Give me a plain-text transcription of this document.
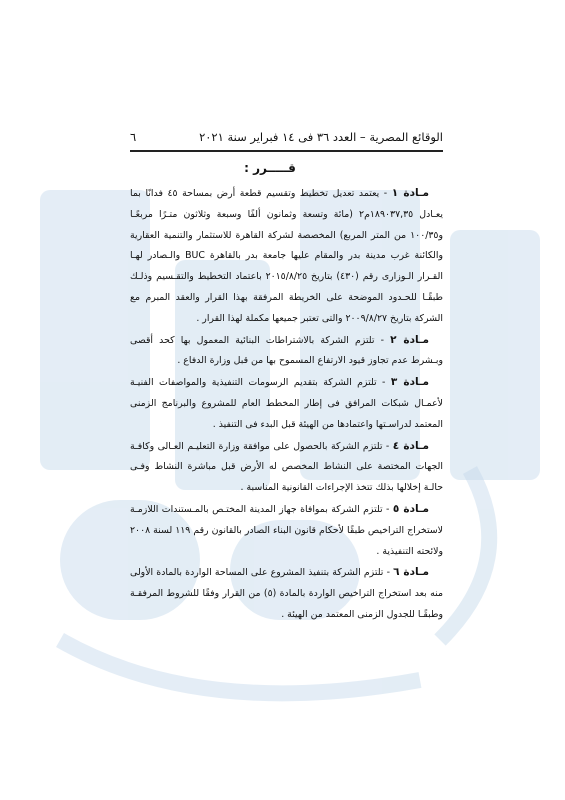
الوقائع المصرية – العدد ٣٦ فى ١٤ فبراير سنة ٢٠٢١
٦
قـــــرر :

مـادة ١ - يعتمد تعديل تخطيط وتقسيم قطعة أرض بمساحة ٤٥ فدانًا بما يعـادل ١٨٩٠٣٧,٣٥م٢ (مائة وتسعة وثمانون ألفًا وسبعة وثلاثون متـرًا مربعًـا و١٠٠/٣٥ من المتر المربع) المخصصة لشركة القاهرة للاستثمار والتنمية العقارية والكائنة غرب مدينة بدر والمقام عليها جامعة بدر بالقاهرة BUC والـصادر لهـا القـرار الـوزارى رقم (٤٣٠) بتاريخ ٢٠١٥/٨/٢٥ باعتماد التخطيط والتقـسيم وذلـك طبقًـا للحـدود الموضحة على الخريطة المرفقة بهذا القرار والعقد المبرم مع الشركة بتاريخ ٢٠٠٩/٨/٢٧ والتى تعتبر جميعها مكملة لهذا القرار .

مـادة ٢ - تلتزم الشركة بالاشتراطات البنائية المعمول بها كحد أقصى وبـشرط عدم تجاوز قيود الارتفاع المسموح بها من قبل وزارة الدفاع .

مـادة ٣ - تلتزم الشركة بتقديم الرسومات التنفيذية والمواصفات الفنيـة لأعمـال شبكات المرافق فى إطار المخطط العام للمشروع والبرنامج الزمنى المعتمد لدراسـتها واعتمادها من الهيئة قبل البدء فى التنفيذ .

مـادة ٤ - تلتزم الشركة بالحصول على موافقة وزارة التعليـم العـالى وكافـة الجهات المختصة على النشاط المخصص له الأرض قبل مباشرة النشاط وفـى حالـة إخلالها بذلك تتخذ الإجراءات القانونية المناسبة .

مـادة ٥ - تلتزم الشركة بموافاة جهاز المدينة المختـص بالمـستندات اللازمـة لاستخراج التراخيص طبقًا لأحكام قانون البناء الصادر بالقانون رقم ١١٩ لسنة ٢٠٠٨ ولائحته التنفيذية .

مـادة ٦ - تلتزم الشركة بتنفيذ المشروع على المساحة الواردة بالمادة الأولى منه بعد استخراج التراخيص الواردة بالمادة (٥) من القرار وفقًا للشروط المرفقـة وطبقًـا للجدول الزمنى المعتمد من الهيئة .
